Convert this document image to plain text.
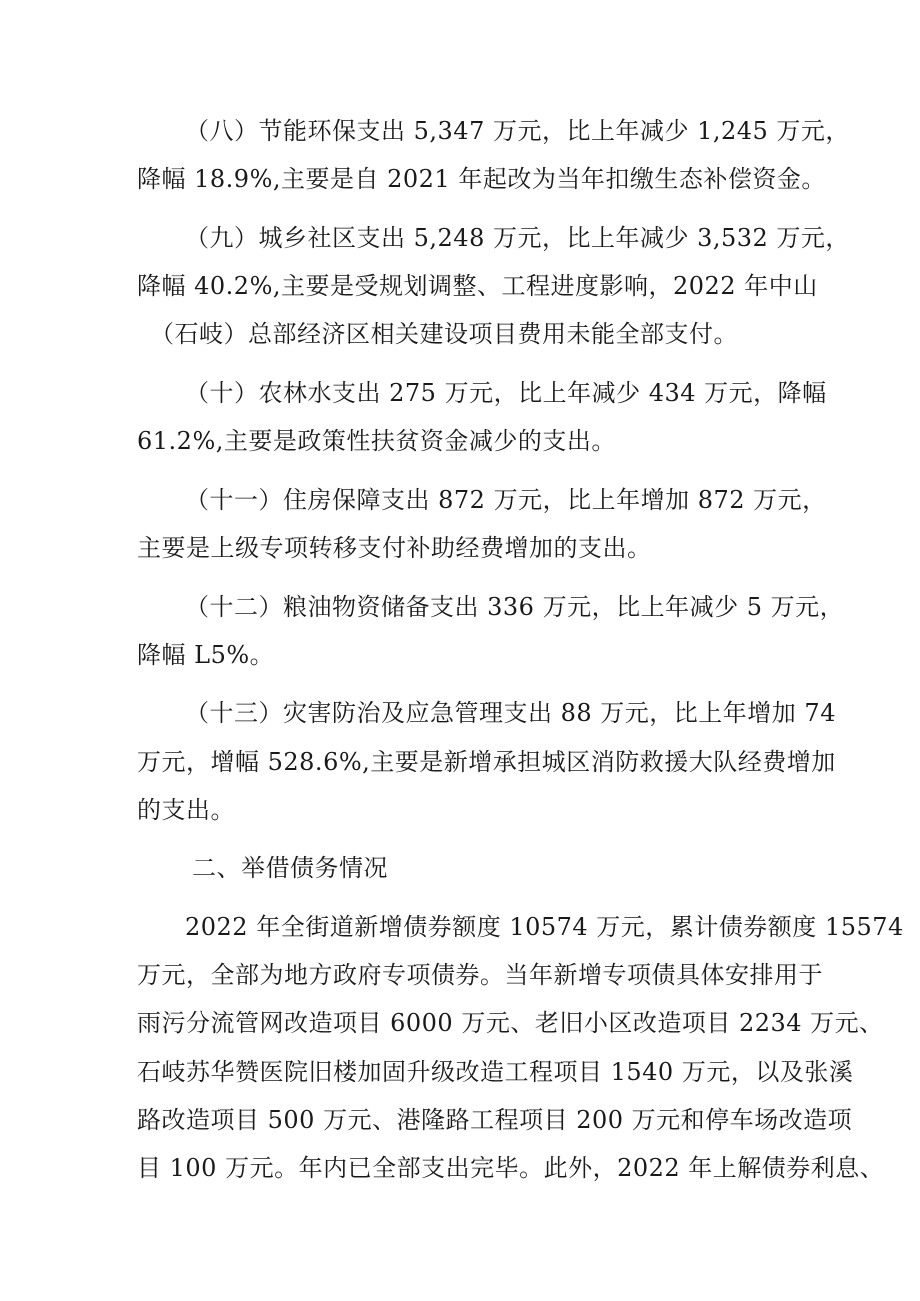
（八）节能环保支出 5,347 万元，比上年减少 1,245 万元，
降幅 18.9%,主要是自 2021 年起改为当年扣缴生态补偿资金。
（九）城乡社区支出 5,248 万元，比上年减少 3,532 万元，
降幅 40.2%,主要是受规划调整、工程进度影响，2022 年中山
（石岐）总部经济区相关建设项目费用未能全部支付。
（十）农林水支出 275 万元，比上年减少 434 万元，降幅
61.2%,主要是政策性扶贫资金减少的支出。
（十一）住房保障支出 872 万元，比上年增加 872 万元，
主要是上级专项转移支付补助经费增加的支出。
（十二）粮油物资储备支出 336 万元，比上年减少 5 万元，
降幅 L5%。
（十三）灾害防治及应急管理支出 88 万元，比上年增加 74
万元，增幅 528.6%,主要是新增承担城区消防救援大队经费增加
的支出。
二、举借债务情况
2022 年全街道新增债券额度 10574 万元，累计债券额度 15574
万元，全部为地方政府专项债券。当年新增专项债具体安排用于
雨污分流管网改造项目 6000 万元、老旧小区改造项目 2234 万元、
石岐苏华赞医院旧楼加固升级改造工程项目 1540 万元，以及张溪
路改造项目 500 万元、港隆路工程项目 200 万元和停车场改造项
目 100 万元。年内已全部支出完毕。此外，2022 年上解债券利息、
